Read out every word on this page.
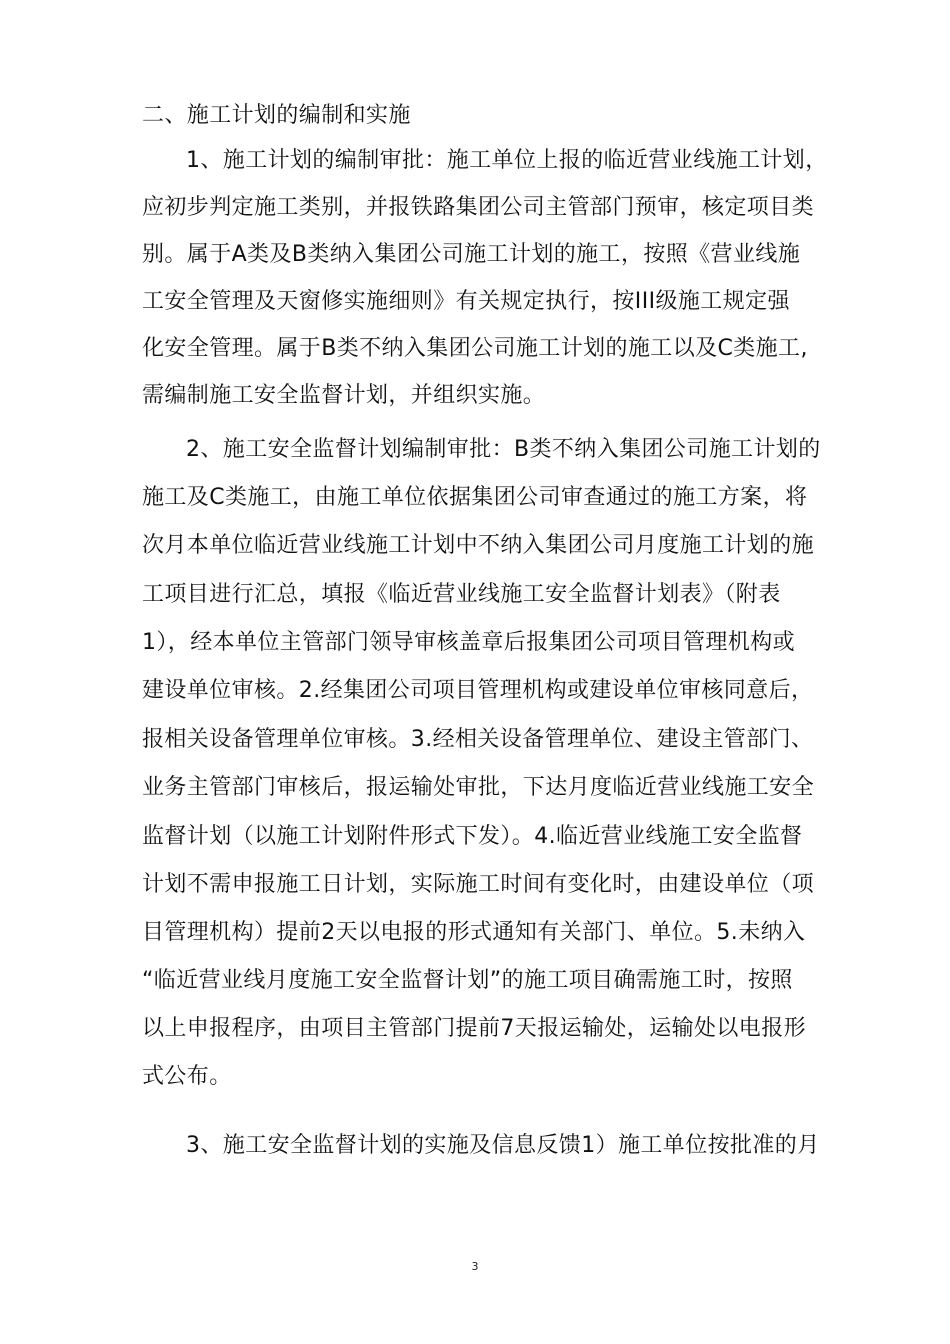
二、施工计划的编制和实施
1、施工计划的编制审批：施工单位上报的临近营业线施工计划，
应初步判定施工类别，并报铁路集团公司主管部门预审，核定项目类
别。属于A类及B类纳入集团公司施工计划的施工，按照《营业线施
工安全管理及天窗修实施细则》有关规定执行，按III级施工规定强
化安全管理。属于B类不纳入集团公司施工计划的施工以及C类施工,
需编制施工安全监督计划，并组织实施。
2、施工安全监督计划编制审批：B类不纳入集团公司施工计划的
施工及C类施工，由施工单位依据集团公司审查通过的施工方案，将
次月本单位临近营业线施工计划中不纳入集团公司月度施工计划的施
工项目进行汇总，填报《临近营业线施工安全监督计划表》（附表
1），经本单位主管部门领导审核盖章后报集团公司项目管理机构或
建设单位审核。2.经集团公司项目管理机构或建设单位审核同意后，
报相关设备管理单位审核。3.经相关设备管理单位、建设主管部门、
业务主管部门审核后，报运输处审批，下达月度临近营业线施工安全
监督计划（以施工计划附件形式下发）。4.临近营业线施工安全监督
计划不需申报施工日计划，实际施工时间有变化时，由建设单位（项
目管理机构）提前2天以电报的形式通知有关部门、单位。5.未纳入
“临近营业线月度施工安全监督计划”的施工项目确需施工时，按照
以上申报程序，由项目主管部门提前7天报运输处，运输处以电报形
式公布。
3、施工安全监督计划的实施及信息反馈1）施工单位按批准的月
3
